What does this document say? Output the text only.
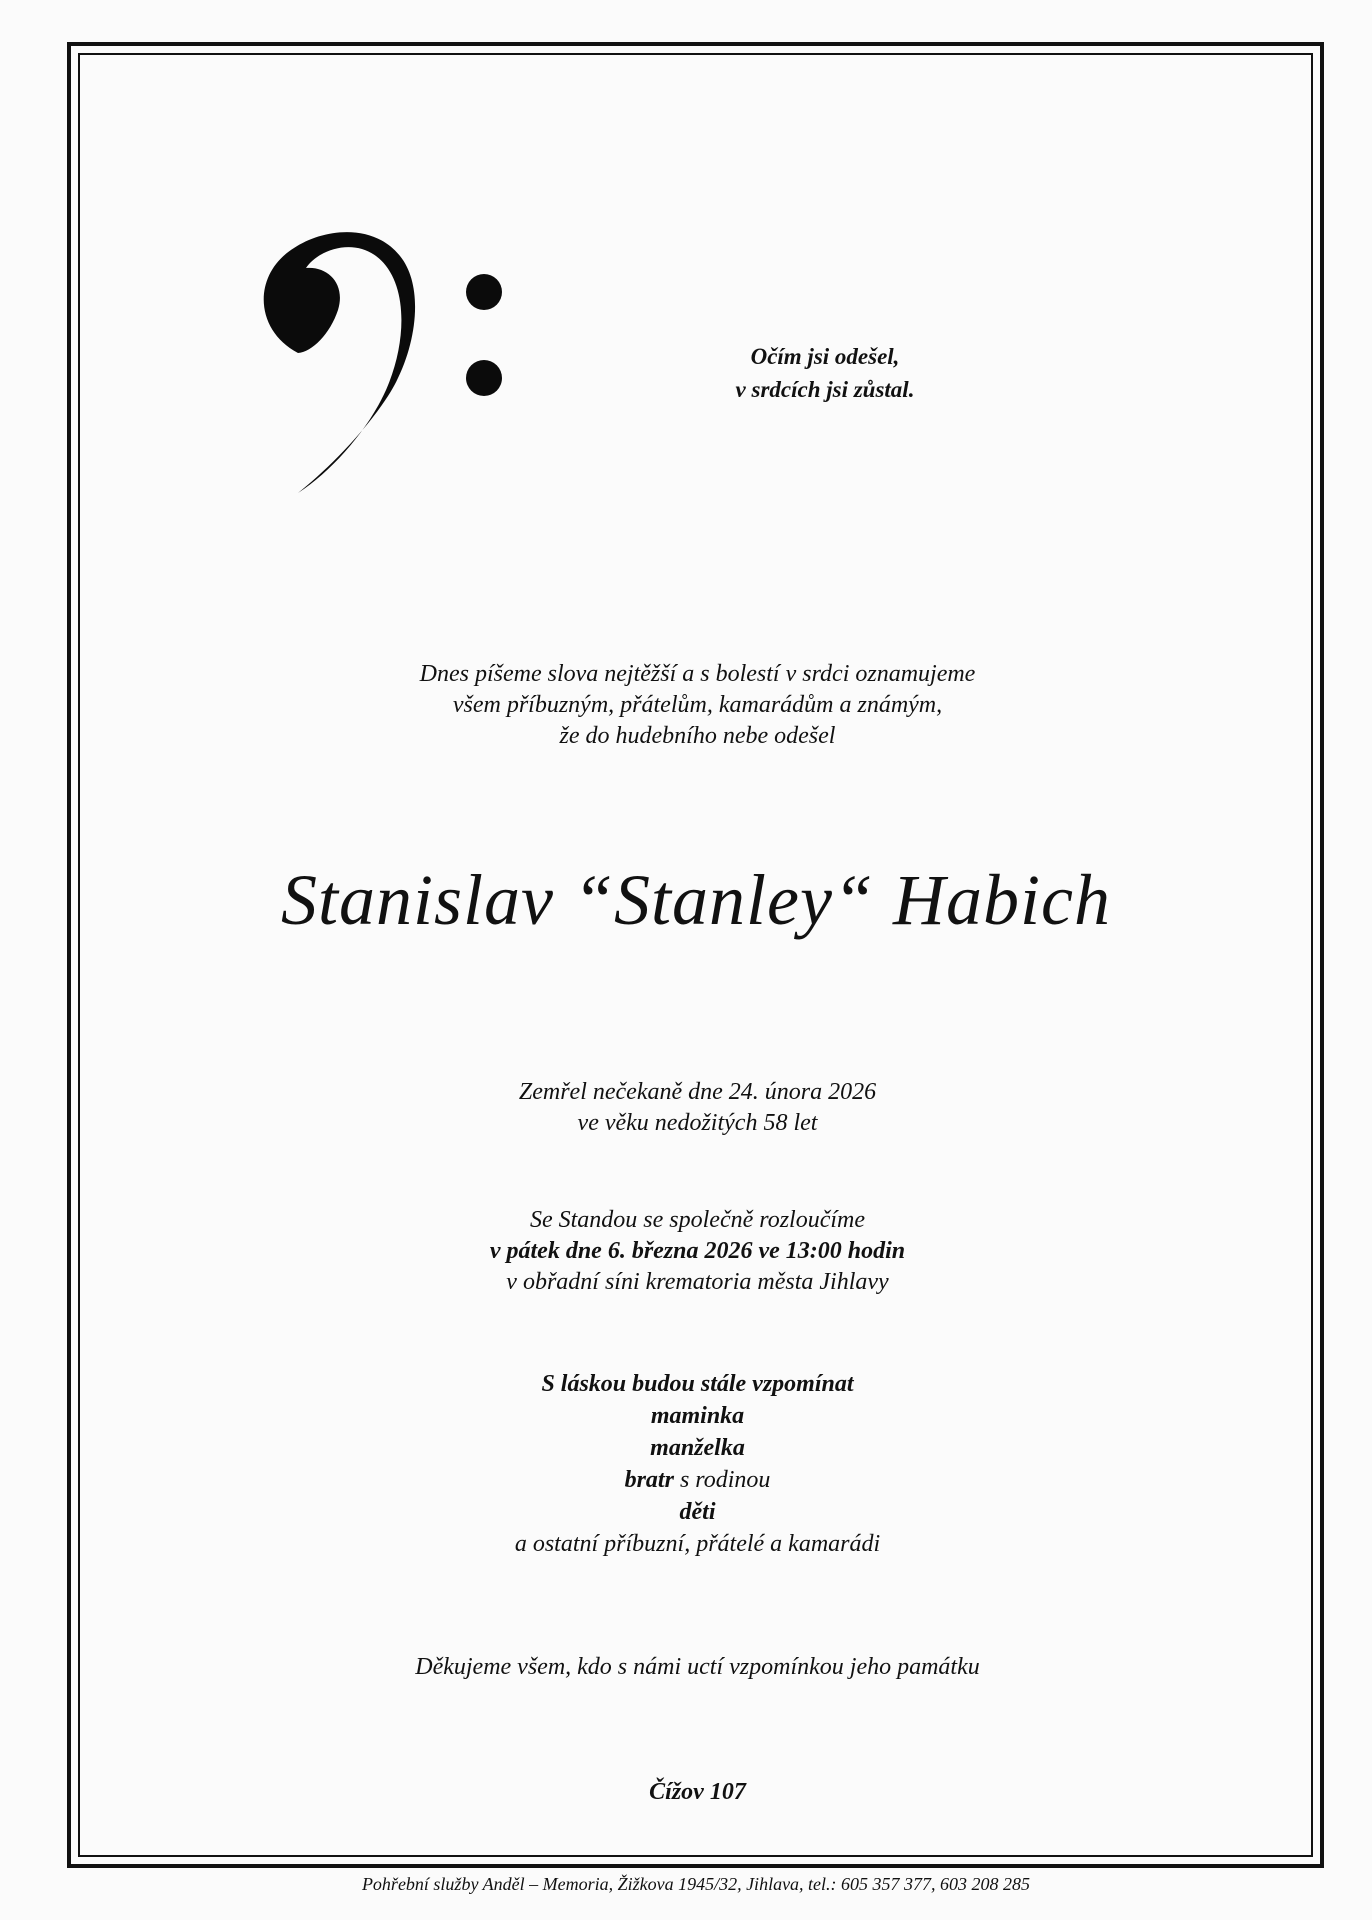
Očím jsi odešel,
v srdcích jsi zůstal.
Dnes píšeme slova nejtěžší a s bolestí v srdci oznamujeme
všem příbuzným, přátelům, kamarádům a známým,
že do hudebního nebe odešel
Stanislav “Stanley“ Habich
Zemřel nečekaně dne 24. února 2026
ve věku nedožitých 58 let
Se Standou se společně rozloučíme
v pátek dne 6. března 2026 ve 13:00 hodin
v obřadní síni krematoria města Jihlavy
S láskou budou stále vzpomínat
maminka
manželka
bratr s rodinou
děti
a ostatní příbuzní, přátelé a kamarádi
Děkujeme všem, kdo s námi uctí vzpomínkou jeho památku
Čížov 107
Pohřební služby Anděl – Memoria, Žižkova 1945/32, Jihlava, tel.: 605 357 377, 603 208 285
